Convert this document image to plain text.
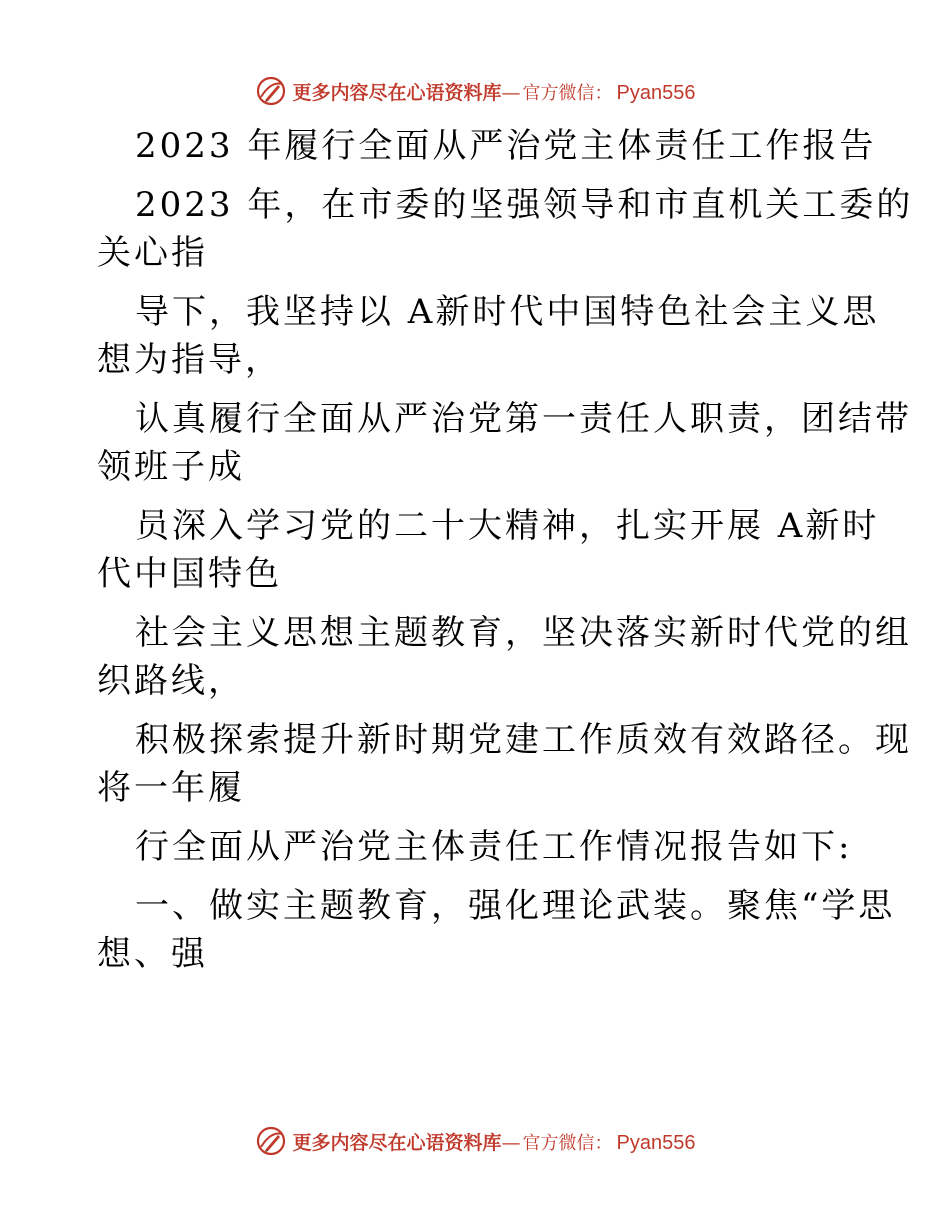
更多内容尽在心语资料库 — 官方微信： Pyan556
2023 年履行全面从严治党主体责任工作报告
2023 年，在市委的坚强领导和市直机关工委的
关心指
导下，我坚持以 A新时代中国特色社会主义思
想为指导，
认真履行全面从严治党第一责任人职责，团结带
领班子成
员深入学习党的二十大精神，扎实开展 A新时
代中国特色
社会主义思想主题教育，坚决落实新时代党的组
织路线，
积极探索提升新时期党建工作质效有效路径。现
将一年履
行全面从严治党主体责任工作情况报告如下:
一、做实主题教育，强化理论武装。聚焦“学思
想、强
更多内容尽在心语资料库 — 官方微信： Pyan556
